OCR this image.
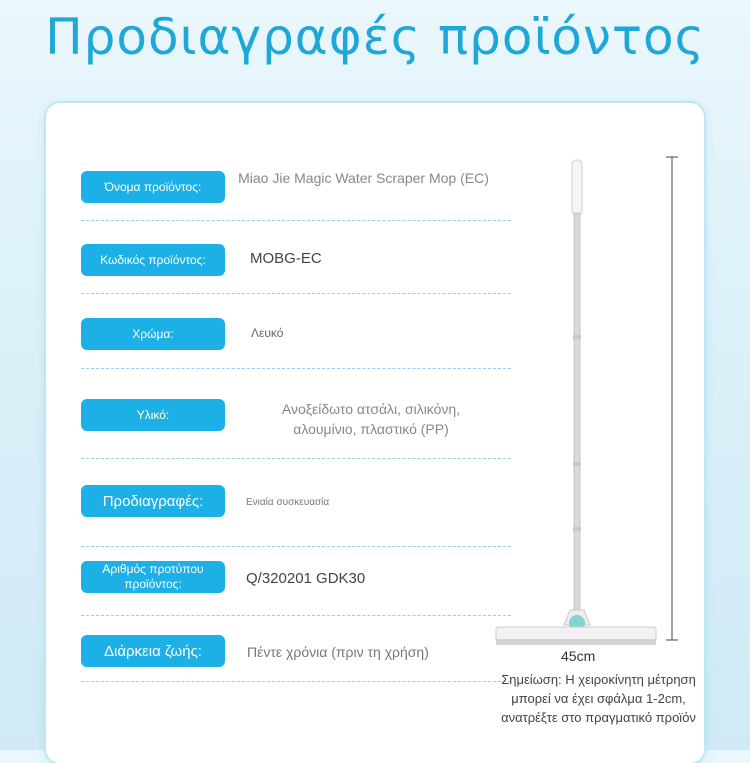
Προδιαγραφές προϊόντος
Όνομα προϊόντος:
Miao Jie Magic Water Scraper Mop (EC)
Κωδικός προϊόντος:	MOBG-EC
Χρώμα:	Λευκό
Υλικό:	Ανοξείδωτο ατσάλι, σιλικόνη, αλουμίνιο, πλαστικό (PP)
Προδιαγραφές:	Ενιαία συσκευασία
Αριθμός προτύπου προϊόντος:	Q/320201 GDK30
Διάρκεια ζωής:	Πέντε χρόνια (πριν τη χρήση)	45cm
Σημείωση: Η χειροκίνητη μέτρηση μπορεί να έχει σφάλμα 1-2cm, ανατρέξτε στο πραγματικό προϊόν
